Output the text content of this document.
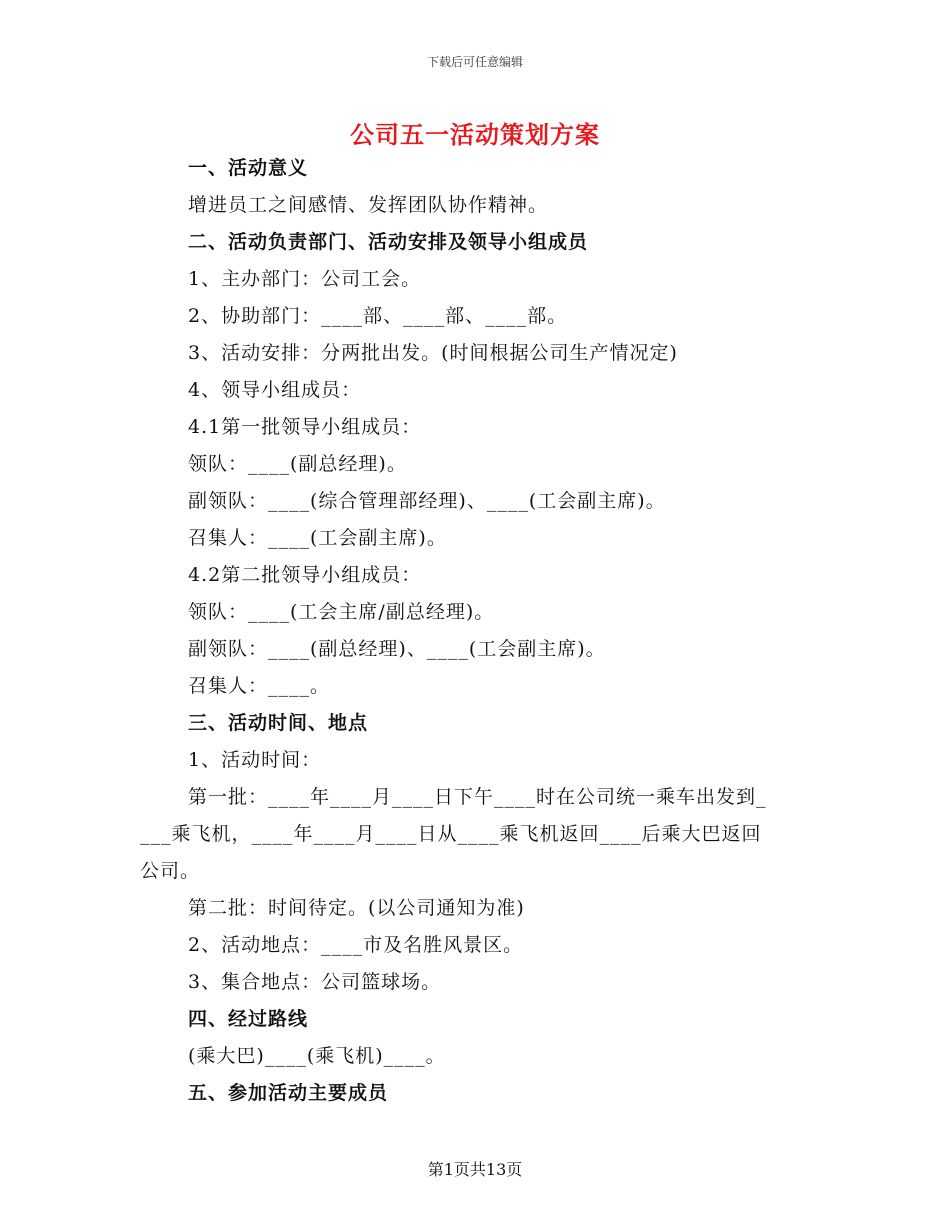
下载后可任意编辑
公司五一活动策划方案
一、活动意义
增进员工之间感情、发挥团队协作精神。
二、活动负责部门、活动安排及领导小组成员
1、主办部门：公司工会。
2、协助部门：____部、____部、____部。
3、活动安排：分两批出发。(时间根据公司生产情况定)
4、领导小组成员：
4.1第一批领导小组成员：
领队：____(副总经理)。
副领队：____(综合管理部经理)、____(工会副主席)。
召集人：____(工会副主席)。
4.2第二批领导小组成员：
领队：____(工会主席/副总经理)。
副领队：____(副总经理)、____(工会副主席)。
召集人：____。
三、活动时间、地点
1、活动时间：
第一批：____年____月____日下午____时在公司统一乘车出发到_
___乘飞机，____年____月____日从____乘飞机返回____后乘大巴返回
公司。
第二批：时间待定。(以公司通知为准)
2、活动地点：____市及名胜风景区。
3、集合地点：公司篮球场。
四、经过路线
(乘大巴)____(乘飞机)____。
五、参加活动主要成员
第1页共13页
